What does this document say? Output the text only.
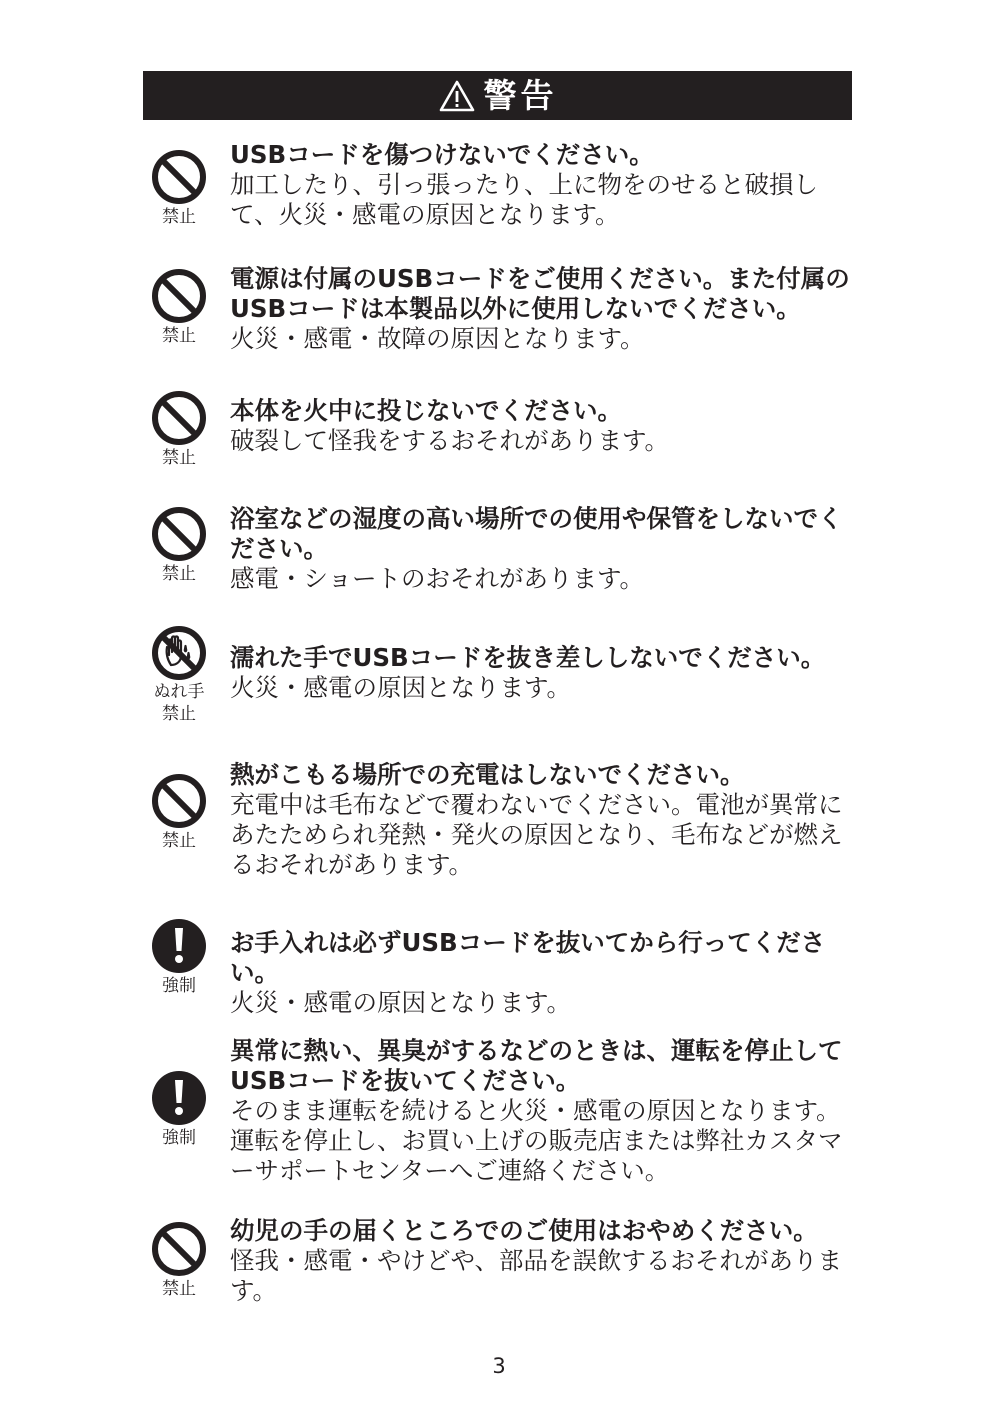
警告
禁止
USBコードを傷つけないでください。
加工したり、引っ張ったり、上に物をのせると破損して、火災・感電の原因となります。
禁止
電源は付属のUSBコードをご使用ください。また付属のUSBコードは本製品以外に使用しないでください。
火災・感電・故障の原因となります。
禁止
本体を火中に投じないでください。
破裂して怪我をするおそれがあります。
禁止
浴室などの湿度の高い場所での使用や保管をしないでください。
感電・ショートのおそれがあります。
ぬれ手
禁止
濡れた手でUSBコードを抜き差ししないでください。
火災・感電の原因となります。
禁止
熱がこもる場所での充電はしないでください。
充電中は毛布などで覆わないでください。電池が異常にあたためられ発熱・発火の原因となり、毛布などが燃えるおそれがあります。
強制
お手入れは必ずUSBコードを抜いてから行ってください。
火災・感電の原因となります。
強制
異常に熱い、異臭がするなどのときは、運転を停止してUSBコードを抜いてください。
そのまま運転を続けると火災・感電の原因となります。運転を停止し、お買い上げの販売店または弊社カスタマーサポートセンターへご連絡ください。
禁止
幼児の手の届くところでのご使用はおやめください。
怪我・感電・やけどや、部品を誤飲するおそれがあります。
3
